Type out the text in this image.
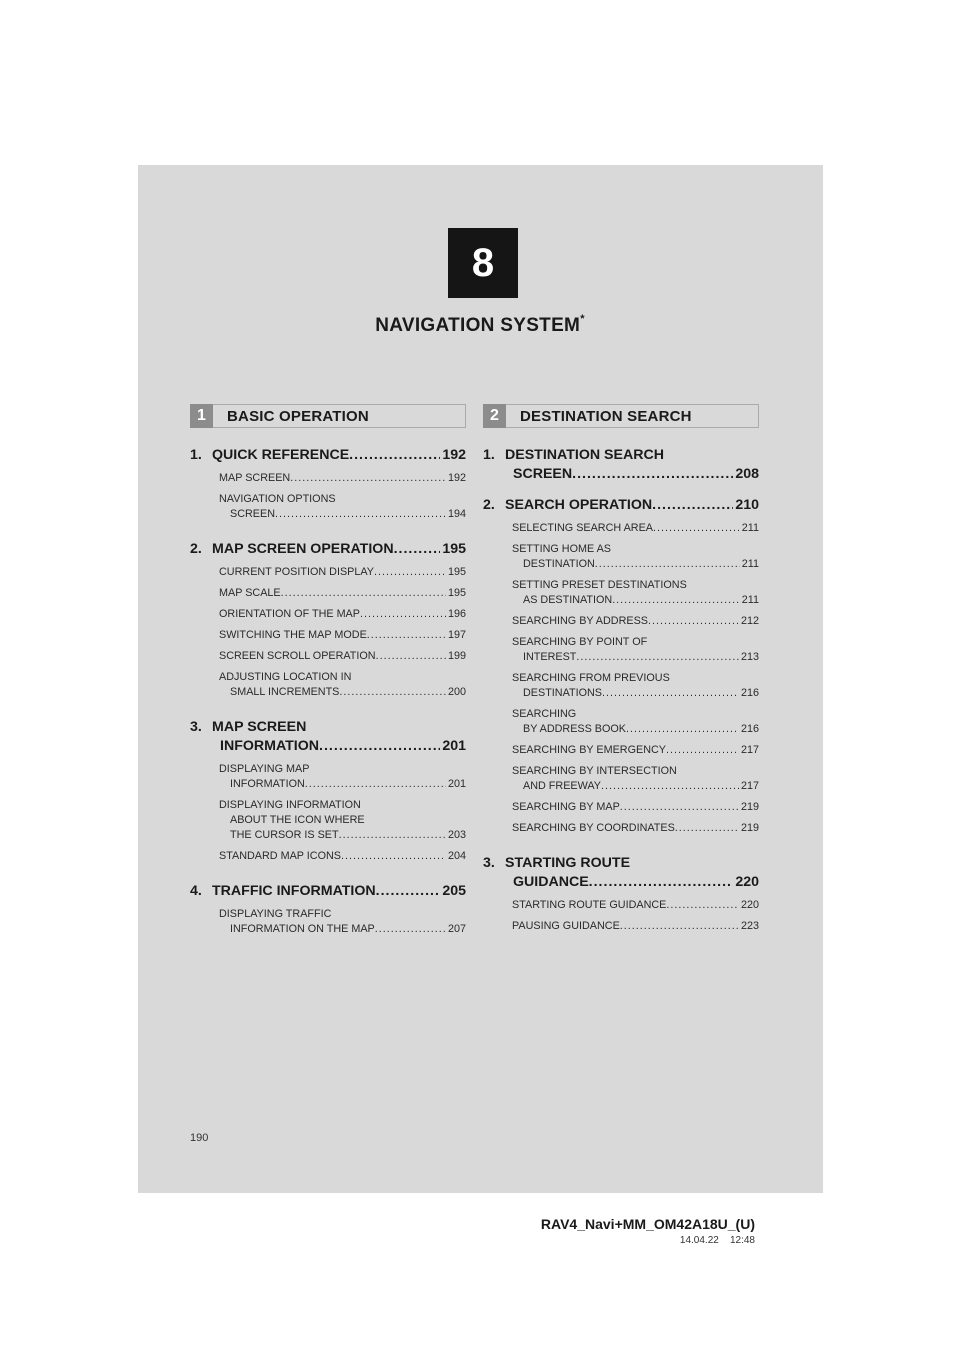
8
NAVIGATION SYSTEM*
1	BASIC OPERATION
1. QUICK REFERENCE .....	192
MAP SCREEN .....	192
NAVIGATION OPTIONS
SCREEN .....	194
2. MAP SCREEN OPERATION .....	195
CURRENT POSITION DISPLAY .....	195
MAP SCALE .....	195
ORIENTATION OF THE MAP .....	196
SWITCHING THE MAP MODE .....	197
SCREEN SCROLL OPERATION .....	199
ADJUSTING LOCATION IN
SMALL INCREMENTS .....	200
3. MAP SCREEN
INFORMATION .....	201
DISPLAYING MAP
INFORMATION .....	201
DISPLAYING INFORMATION
ABOUT THE ICON WHERE
THE CURSOR IS SET .....	203
STANDARD MAP ICONS .....	204
4. TRAFFIC INFORMATION .....	205
DISPLAYING TRAFFIC
INFORMATION ON THE MAP .....	207
2	DESTINATION SEARCH
1. DESTINATION SEARCH
SCREEN .....	208
2. SEARCH OPERATION .....	210
SELECTING SEARCH AREA .....	211
SETTING HOME AS
DESTINATION .....	211
SETTING PRESET DESTINATIONS
AS DESTINATION .....	211
SEARCHING BY ADDRESS .....	212
SEARCHING BY POINT OF
INTEREST .....	213
SEARCHING FROM PREVIOUS
DESTINATIONS .....	216
SEARCHING
BY ADDRESS BOOK .....	216
SEARCHING BY EMERGENCY .....	217
SEARCHING BY INTERSECTION
AND FREEWAY .....	217
SEARCHING BY MAP .....	219
SEARCHING BY COORDINATES .....	219
3. STARTING ROUTE
GUIDANCE .....	220
STARTING ROUTE GUIDANCE .....	220
PAUSING GUIDANCE .....	223
190
RAV4_Navi+MM_OM42A18U_(U)
14.04.22 12:48
